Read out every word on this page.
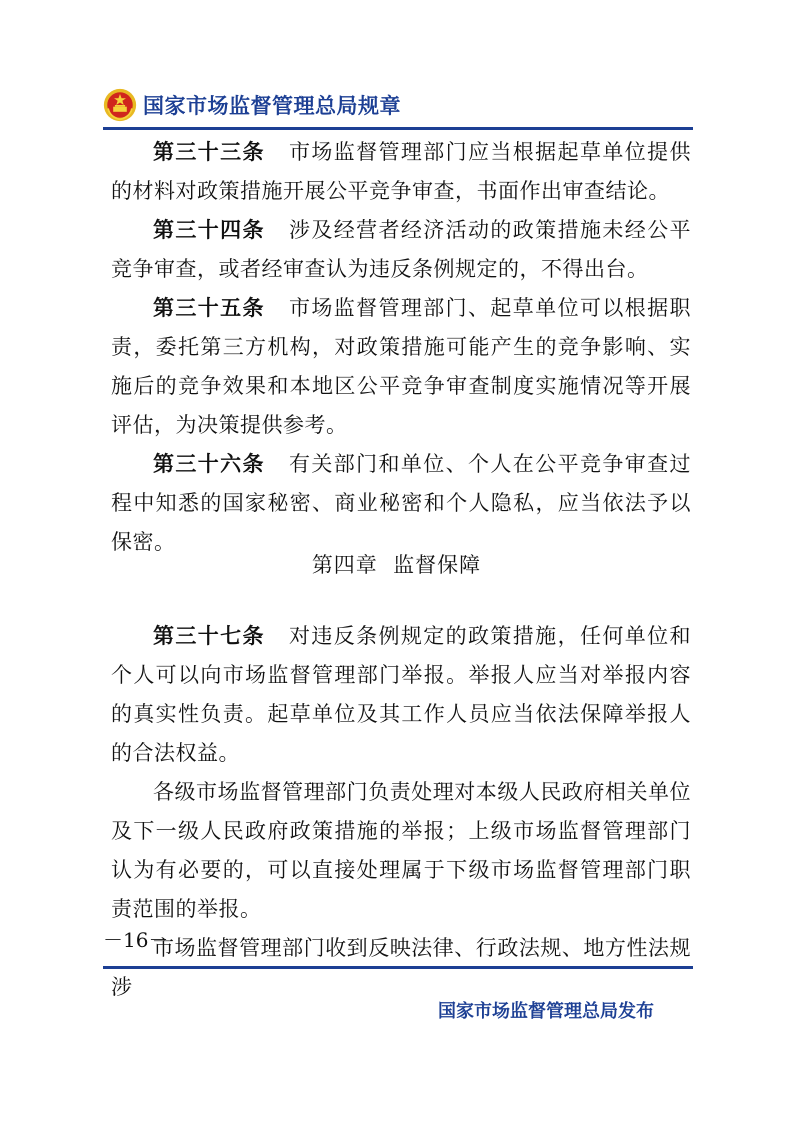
国家市场监督管理总局规章

第三十三条 市场监督管理部门应当根据起草单位提供的材料对政策措施开展公平竞争审查，书面作出审查结论。

第三十四条 涉及经营者经济活动的政策措施未经公平竞争审查，或者经审查认为违反条例规定的，不得出台。

第三十五条 市场监督管理部门、起草单位可以根据职责，委托第三方机构，对政策措施可能产生的竞争影响、实施后的竞争效果和本地区公平竞争审查制度实施情况等开展评估，为决策提供参考。

第三十六条 有关部门和单位、个人在公平竞争审查过程中知悉的国家秘密、商业秘密和个人隐私，应当依法予以保密。

第四章  监督保障

第三十七条 对违反条例规定的政策措施，任何单位和个人可以向市场监督管理部门举报。举报人应当对举报内容的真实性负责。起草单位及其工作人员应当依法保障举报人的合法权益。

各级市场监督管理部门负责处理对本级人民政府相关单位及下一级人民政府政策措施的举报；上级市场监督管理部门认为有必要的，可以直接处理属于下级市场监督管理部门职责范围的举报。

市场监督管理部门收到反映法律、行政法规、地方性法规涉

－16－
国家市场监督管理总局发布
